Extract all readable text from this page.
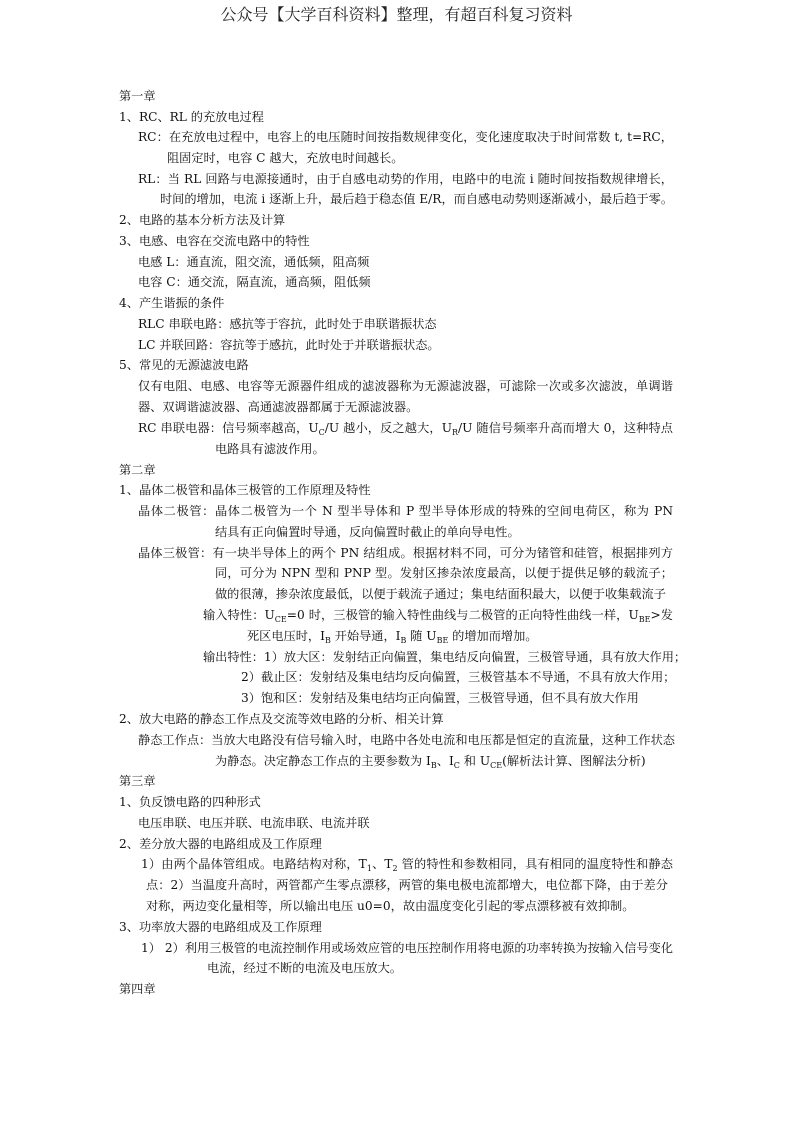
公众号【大学百科资料】整理，有超百科复习资料
第一章
1、RC、RL 的充放电过程
RC：在充放电过程中，电容上的电压随时间按指数规律变化，变化速度取决于时间常数 t, t=RC，
阻固定时，电容 C 越大，充放电时间越长。
RL：当 RL 回路与电源接通时，由于自感电动势的作用，电路中的电流 i 随时间按指数规律增长，
时间的增加，电流 i 逐渐上升，最后趋于稳态值 E/R，而自感电动势则逐渐减小，最后趋于零。
2、电路的基本分析方法及计算
3、电感、电容在交流电路中的特性
电感 L：通直流，阻交流，通低频，阻高频
电容 C：通交流，隔直流，通高频，阻低频
4、产生谐振的条件
RLC 串联电路：感抗等于容抗，此时处于串联谐振状态
LC 并联回路：容抗等于感抗，此时处于并联谐振状态。
5、常见的无源滤波电路
仅有电阻、电感、电容等无源器件组成的滤波器称为无源滤波器，可滤除一次或多次滤波，单调谐
器、双调谐滤波器、高通滤波器都属于无源滤波器。
RC 串联电器：信号频率越高，$U_C/U$ 越小，反之越大，$U_R/U$ 随信号频率升高而增大 0，这种特点
电路具有滤波作用。
第二章
1、晶体二极管和晶体三极管的工作原理及特性
晶体二极管：晶体二极管为一个 N 型半导体和 P 型半导体形成的特殊的空间电荷区，称为 PN
结具有正向偏置时导通，反向偏置时截止的单向导电性。
晶体三极管：有一块半导体上的两个 PN 结组成。根据材料不同，可分为锗管和硅管，根据排列方
同，可分为 NPN 型和 PNP 型。发射区掺杂浓度最高，以便于提供足够的载流子；
做的很薄，掺杂浓度最低，以便于载流子通过；集电结面积最大，以便于收集载流子
输入特性：$U_{CE}=0$ 时，三极管的输入特性曲线与二极管的正向特性曲线一样，$U_{BE}>$发
死区电压时，$I_B$ 开始导通，$I_B$ 随 $U_{BE}$ 的增加而增加。
输出特性：1）放大区：发射结正向偏置，集电结反向偏置，三极管导通，具有放大作用；
2）截止区：发射结及集电结均反向偏置，三极管基本不导通，不具有放大作用；
3）饱和区：发射结及集电结均正向偏置，三极管导通，但不具有放大作用
2、放大电路的静态工作点及交流等效电路的分析、相关计算
静态工作点：当放大电路没有信号输入时，电路中各处电流和电压都是恒定的直流量，这种工作状态
为静态。决定静态工作点的主要参数为 $I_B$、$I_C$ 和 $U_{CE}$(解析法计算、图解法分析)
第三章
1、负反馈电路的四种形式
电压串联、电压并联、电流串联、电流并联
2、差分放大器的电路组成及工作原理
1）由两个晶体管组成。电路结构对称，$T_1$、$T_2$ 管的特性和参数相同，具有相同的温度特性和静态
点：2）当温度升高时，两管都产生零点漂移，两管的集电极电流都增大，电位都下降，由于差分
对称，两边变化量相等，所以输出电压 u0=0，故由温度变化引起的零点漂移被有效抑制。
3、功率放大器的电路组成及工作原理
1） 2）利用三极管的电流控制作用或场效应管的电压控制作用将电源的功率转换为按输入信号变化
电流，经过不断的电流及电压放大。
第四章
